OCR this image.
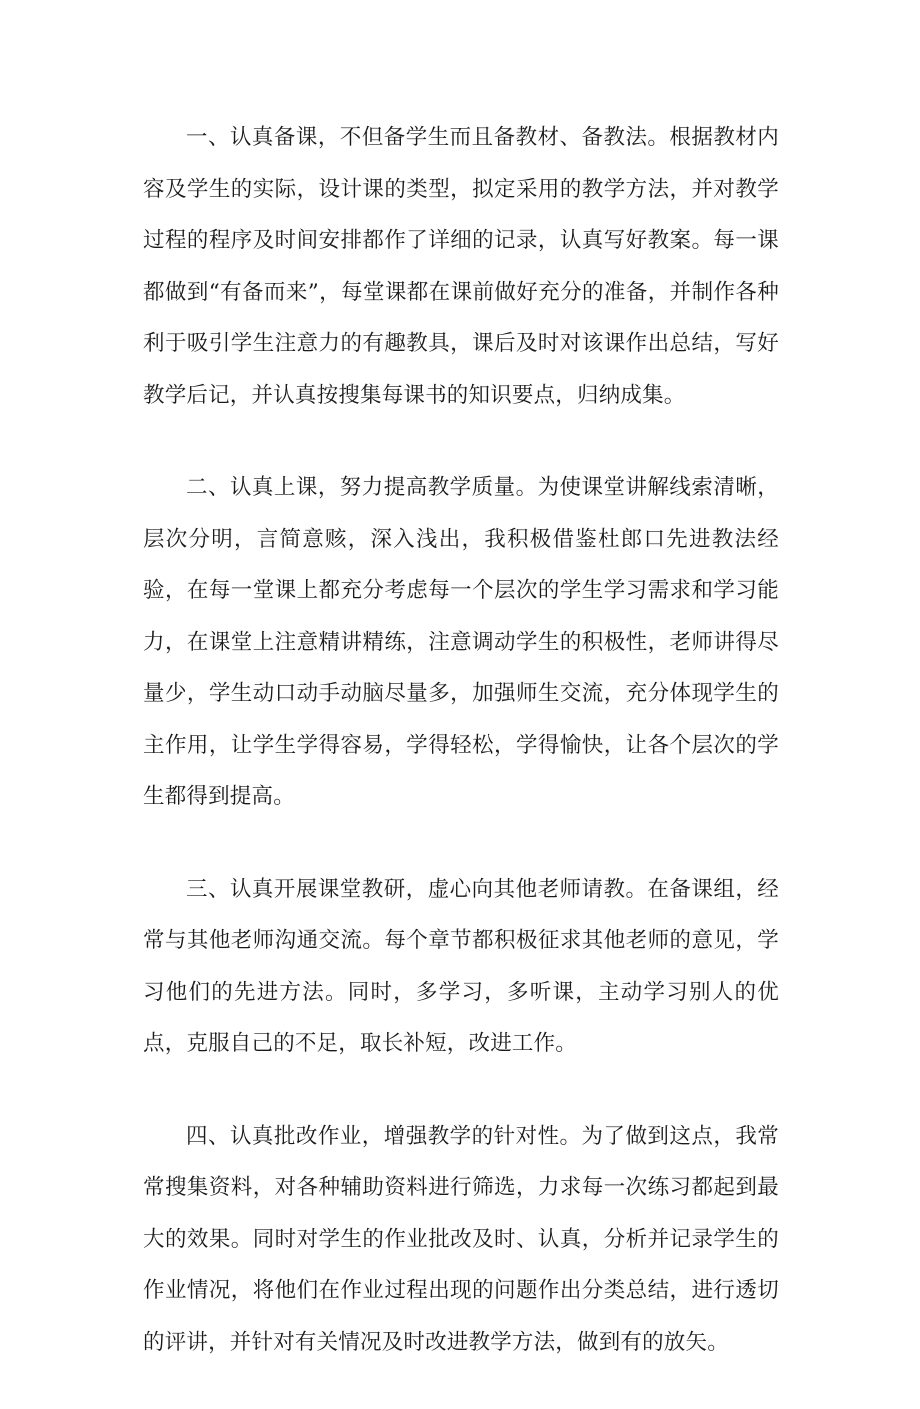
一、认真备课，不但备学生而且备教材、备教法。根据教材内容及学生的实际，设计课的类型，拟定采用的教学方法，并对教学过程的程序及时间安排都作了详细的记录，认真写好教案。每一课都做到“有备而来”，每堂课都在课前做好充分的准备，并制作各种利于吸引学生注意力的有趣教具，课后及时对该课作出总结，写好教学后记，并认真按搜集每课书的知识要点，归纳成集。

二、认真上课，努力提高教学质量。为使课堂讲解线索清晰，层次分明，言简意赅，深入浅出，我积极借鉴杜郎口先进教法经验，在每一堂课上都充分考虑每一个层次的学生学习需求和学习能力，在课堂上注意精讲精练，注意调动学生的积极性，老师讲得尽量少，学生动口动手动脑尽量多，加强师生交流，充分体现学生的主作用，让学生学得容易，学得轻松，学得愉快，让各个层次的学生都得到提高。

三、认真开展课堂教研，虚心向其他老师请教。在备课组，经常与其他老师沟通交流。每个章节都积极征求其他老师的意见，学习他们的先进方法。同时，多学习，多听课，主动学习别人的优点，克服自己的不足，取长补短，改进工作。

四、认真批改作业，增强教学的针对性。为了做到这点，我常常搜集资料，对各种辅助资料进行筛选，力求每一次练习都起到最大的效果。同时对学生的作业批改及时、认真，分析并记录学生的作业情况，将他们在作业过程出现的问题作出分类总结，进行透切的评讲，并针对有关情况及时改进教学方法，做到有的放矢。
